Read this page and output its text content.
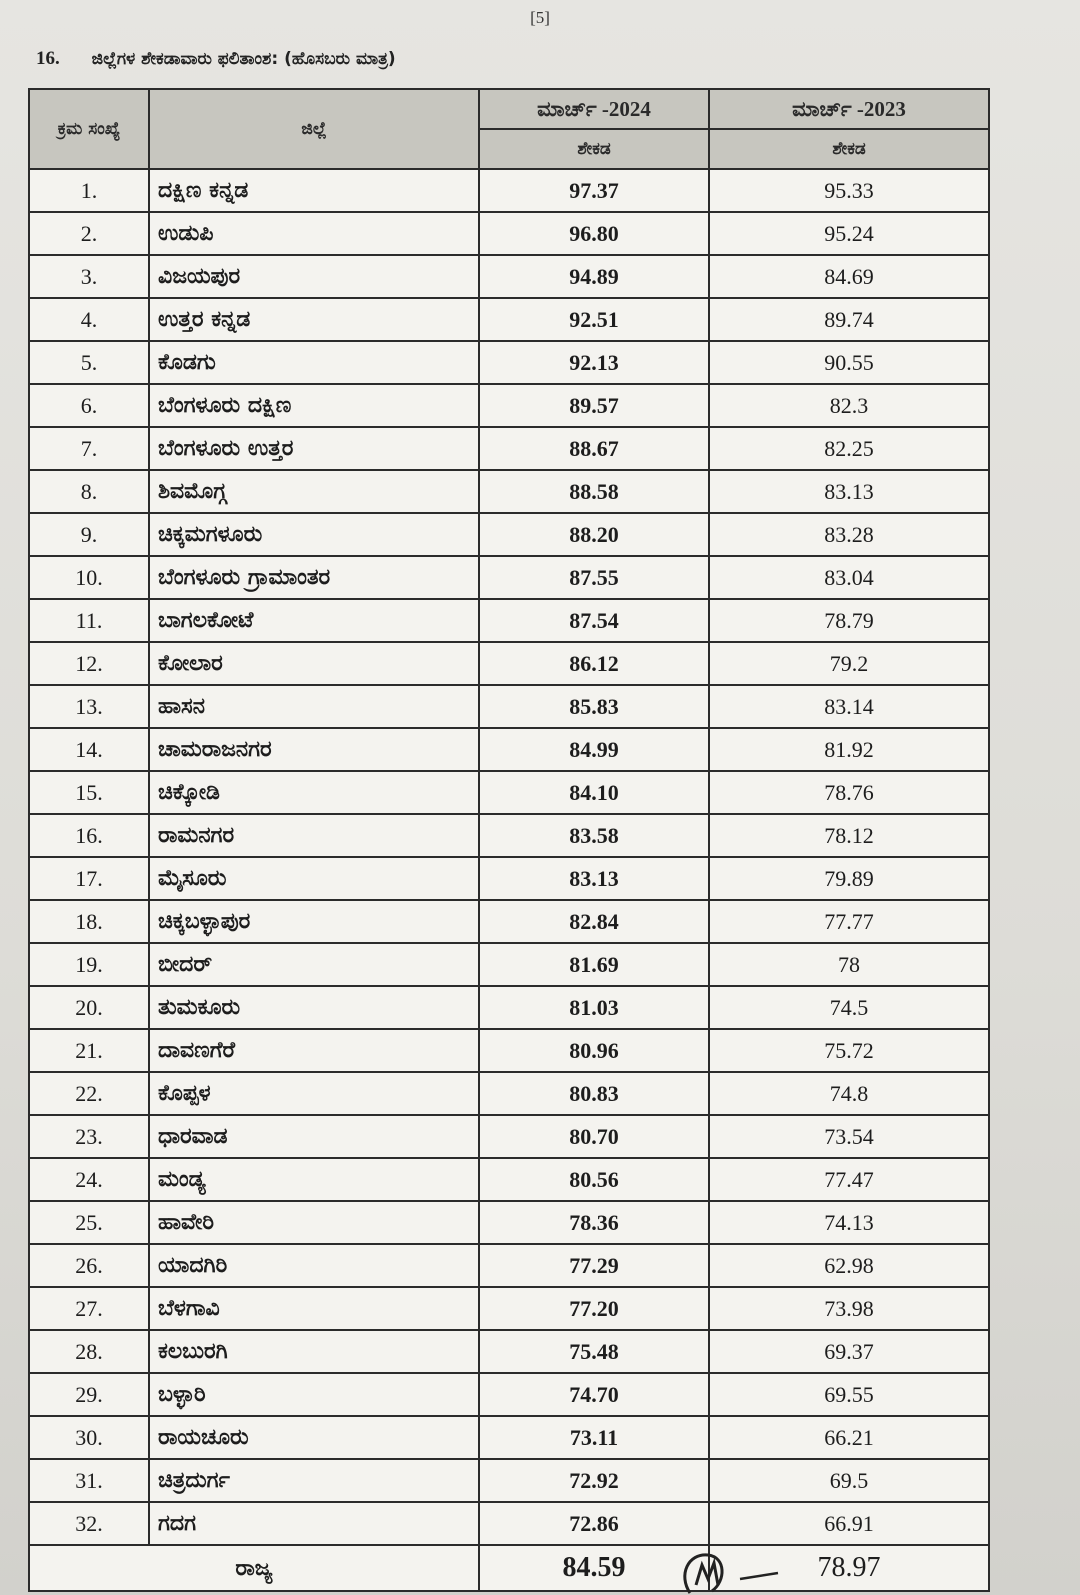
[5]
16. ಜಿಲ್ಲೆಗಳ ಶೇಕಡಾವಾರು ಫಲಿತಾಂಶ: (ಹೊಸಬರು ಮಾತ್ರ)
ಕ್ರಮ ಸಂಖ್ಯೆ	ಜಿಲ್ಲೆ	ಮಾರ್ಚ್ -2024	ಮಾರ್ಚ್ -2023
		ಶೇಕಡ	ಶೇಕಡ
1.	ದಕ್ಷಿಣ ಕನ್ನಡ	97.37	95.33
2.	ಉಡುಪಿ	96.80	95.24
3.	ವಿಜಯಪುರ	94.89	84.69
4.	ಉತ್ತರ ಕನ್ನಡ	92.51	89.74
5.	ಕೊಡಗು	92.13	90.55
6.	ಬೆಂಗಳೂರು ದಕ್ಷಿಣ	89.57	82.3
7.	ಬೆಂಗಳೂರು ಉತ್ತರ	88.67	82.25
8.	ಶಿವಮೊಗ್ಗ	88.58	83.13
9.	ಚಿಕ್ಕಮಗಳೂರು	88.20	83.28
10.	ಬೆಂಗಳೂರು ಗ್ರಾಮಾಂತರ	87.55	83.04
11.	ಬಾಗಲಕೋಟೆ	87.54	78.79
12.	ಕೋಲಾರ	86.12	79.2
13.	ಹಾಸನ	85.83	83.14
14.	ಚಾಮರಾಜನಗರ	84.99	81.92
15.	ಚಿಕ್ಕೋಡಿ	84.10	78.76
16.	ರಾಮನಗರ	83.58	78.12
17.	ಮೈಸೂರು	83.13	79.89
18.	ಚಿಕ್ಕಬಳ್ಳಾಪುರ	82.84	77.77
19.	ಬೀದರ್	81.69	78
20.	ತುಮಕೂರು	81.03	74.5
21.	ದಾವಣಗೆರೆ	80.96	75.72
22.	ಕೊಪ್ಪಳ	80.83	74.8
23.	ಧಾರವಾಡ	80.70	73.54
24.	ಮಂಡ್ಯ	80.56	77.47
25.	ಹಾವೇರಿ	78.36	74.13
26.	ಯಾದಗಿರಿ	77.29	62.98
27.	ಬೆಳಗಾವಿ	77.20	73.98
28.	ಕಲಬುರಗಿ	75.48	69.37
29.	ಬಳ್ಳಾರಿ	74.70	69.55
30.	ರಾಯಚೂರು	73.11	66.21
31.	ಚಿತ್ರದುರ್ಗ	72.92	69.5
32.	ಗದಗ	72.86	66.91
ರಾಜ್ಯ		84.59	78.97
